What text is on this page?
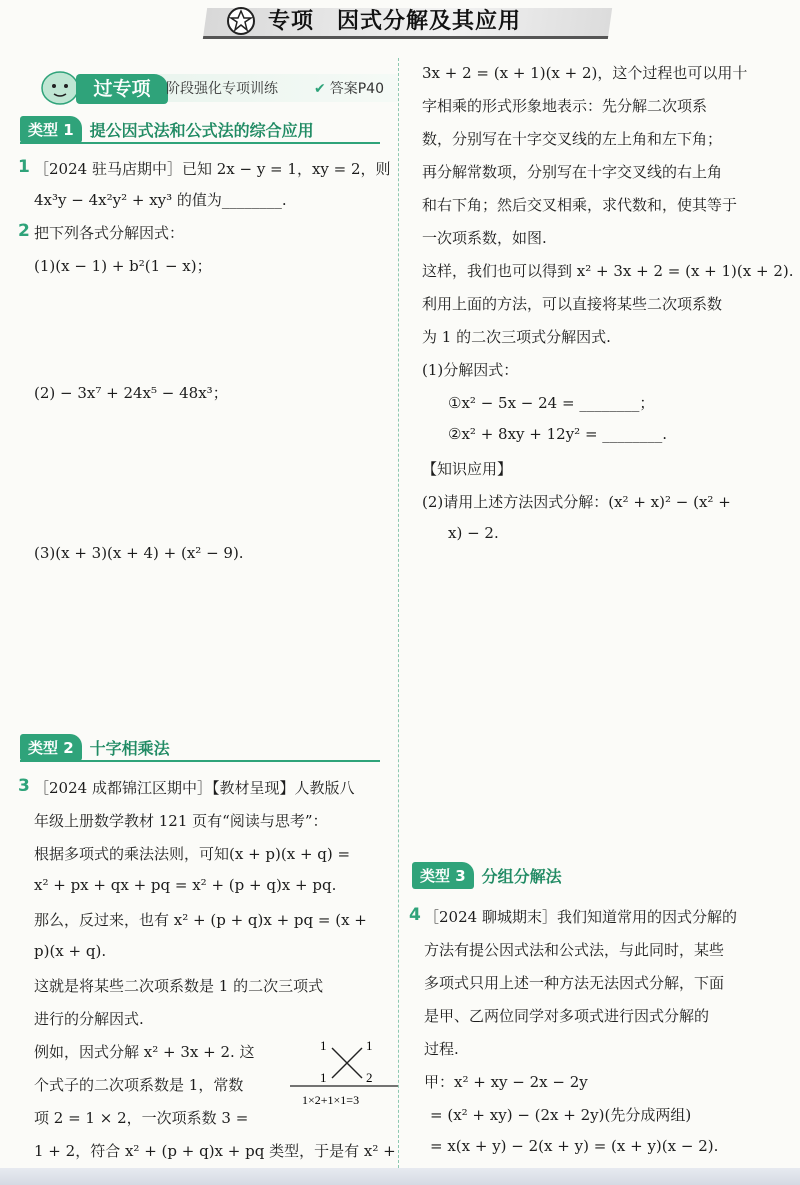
专项　因式分解及其应用
过专项	阶段强化专项训练	✔ 答案P40
类型 1 提公因式法和公式法的综合应用
1 ［2024 驻马店期中］已知 2x − y = 1，xy = 2，则
4x³y − 4x²y² + xy³ 的值为________.
2 把下列各式分解因式：
(1)(x − 1) + b²(1 − x)；
(2) − 3x⁷ + 24x⁵ − 48x³；
(3)(x + 3)(x + 4) + (x² − 9).
类型 2 十字相乘法
3 ［2024 成都锦江区期中］【教材呈现】人教版八
年级上册数学教材 121 页有“阅读与思考”：
根据多项式的乘法法则，可知(x + p)(x + q) =
x² + px + qx + pq = x² + (p + q)x + pq.
那么，反过来，也有 x² + (p + q)x + pq = (x +
p)(x + q).
这就是将某些二次项系数是 1 的二次三项式
进行的分解因式.
例如，因式分解 x² + 3x + 2. 这
个式子的二次项系数是 1，常数
项 2 = 1 × 2，一次项系数 3 =
1 + 2，符合 x² + (p + q)x + pq 类型，于是有 x² +
1	1
1	2
1×2+1×1=3
3x + 2 = (x + 1)(x + 2)，这个过程也可以用十
字相乘的形式形象地表示：先分解二次项系
数，分别写在十字交叉线的左上角和左下角；
再分解常数项，分别写在十字交叉线的右上角
和右下角；然后交叉相乘，求代数和，使其等于
一次项系数，如图.
这样，我们也可以得到 x² + 3x + 2 = (x + 1)(x + 2).
利用上面的方法，可以直接将某些二次项系数
为 1 的二次三项式分解因式.
(1)分解因式：
①x² − 5x − 24 = ________；
②x² + 8xy + 12y² = ________.
【知识应用】
(2)请用上述方法因式分解：(x² + x)² − (x² +
x) − 2.
类型 3 分组分解法
4 ［2024 聊城期末］我们知道常用的因式分解的
方法有提公因式法和公式法，与此同时，某些
多项式只用上述一种方法无法因式分解，下面
是甲、乙两位同学对多项式进行因式分解的
过程.
甲：x² + xy − 2x − 2y
= (x² + xy) − (2x + 2y)(先分成两组)
= x(x + y) − 2(x + y) = (x + y)(x − 2).
